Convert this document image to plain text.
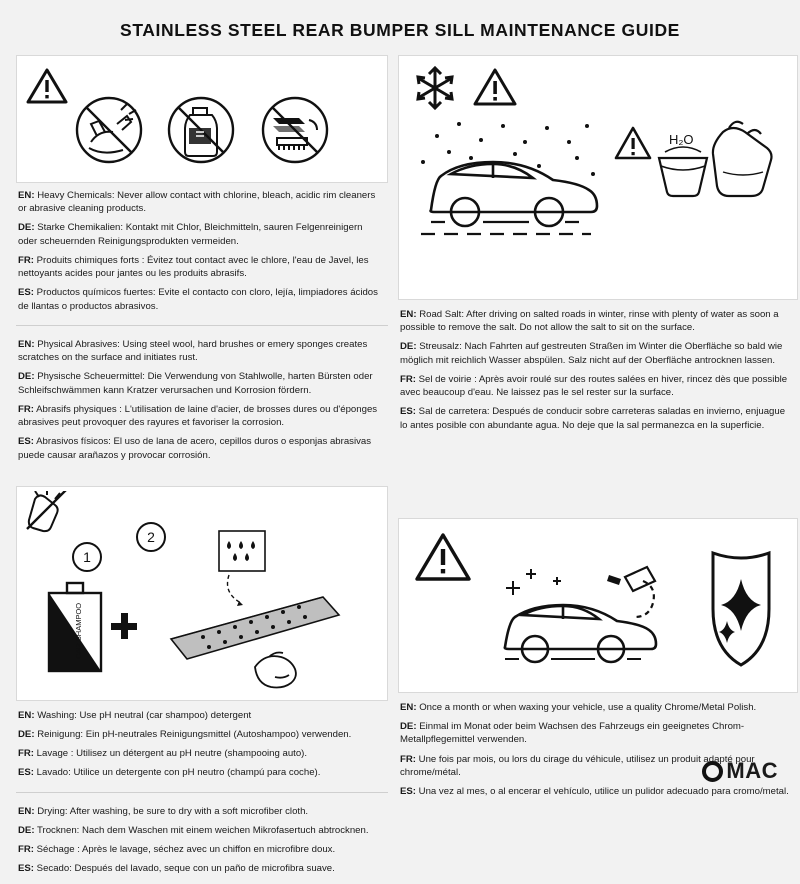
STAINLESS STEEL REAR BUMPER SILL MAINTENANCE GUIDE

EN: Heavy Chemicals: Never allow contact with chlorine, bleach, acidic rim cleaners or abrasive cleaning products.

DE: Starke Chemikalien: Kontakt mit Chlor, Bleichmitteln, sauren Felgenreinigern oder scheuernden Reinigungsprodukten vermeiden.

FR: Produits chimiques forts : Évitez tout contact avec le chlore, l'eau de Javel, les nettoyants acides pour jantes ou les produits abrasifs.

ES: Productos químicos fuertes: Evite el contacto con cloro, lejía, limpiadores ácidos de llantas o productos abrasivos.

EN: Physical Abrasives: Using steel wool, hard brushes or emery sponges creates scratches on the surface and initiates rust.

DE: Physische Scheuermittel: Die Verwendung von Stahlwolle, harten Bürsten oder Schleifschwämmen kann Kratzer verursachen und Korrosion fördern.

FR: Abrasifs physiques : L'utilisation de laine d'acier, de brosses dures ou d'éponges abrasives peut provoquer des rayures et favoriser la corrosion.

ES: Abrasivos físicos: El uso de lana de acero, cepillos duros o esponjas abrasivas puede causar arañazos y provocar corrosión.

1
2
CAR SHAMPOO

EN: Washing: Use pH neutral (car shampoo) detergent

DE: Reinigung: Ein pH-neutrales Reinigungsmittel (Autoshampoo) verwenden.

FR: Lavage : Utilisez un détergent au pH neutre (shampooing auto).

ES: Lavado: Utilice un detergente con pH neutro (champú para coche).

EN: Drying: After washing, be sure to dry with a soft microfiber cloth.

DE: Trocknen: Nach dem Waschen mit einem weichen Mikrofasertuch abtrocknen.

FR: Séchage : Après le lavage, séchez avec un chiffon en microfibre doux.

ES: Secado: Después del lavado, seque con un paño de microfibra suave.

H₂O

EN: Road Salt: After driving on salted roads in winter, rinse with plenty of water as soon a possible to remove the salt. Do not allow the salt to sit on the surface.

DE: Streusalz: Nach Fahrten auf gestreuten Straßen im Winter die Oberfläche so bald wie möglich mit reichlich Wasser abspülen. Salz nicht auf der Oberfläche antrocknen lassen.

FR: Sel de voirie : Après avoir roulé sur des routes salées en hiver, rincez dès que possible avec beaucoup d'eau. Ne laissez pas le sel rester sur la surface.

ES: Sal de carretera: Después de conducir sobre carreteras saladas en invierno, enjuague lo antes posible con abundante agua. No deje que la sal permanezca en la superficie.

EN: Once a month or when waxing your vehicle, use a quality Chrome/Metal Polish.

DE: Einmal im Monat oder beim Wachsen des Fahrzeugs ein geeignetes Chrom-Metallpflegemittel verwenden.

FR: Une fois par mois, ou lors du cirage du véhicule, utilisez un produit adapté pour chrome/métal.

ES: Una vez al mes, o al encerar el vehículo, utilice un pulidor adecuado para cromo/metal.

MAC
